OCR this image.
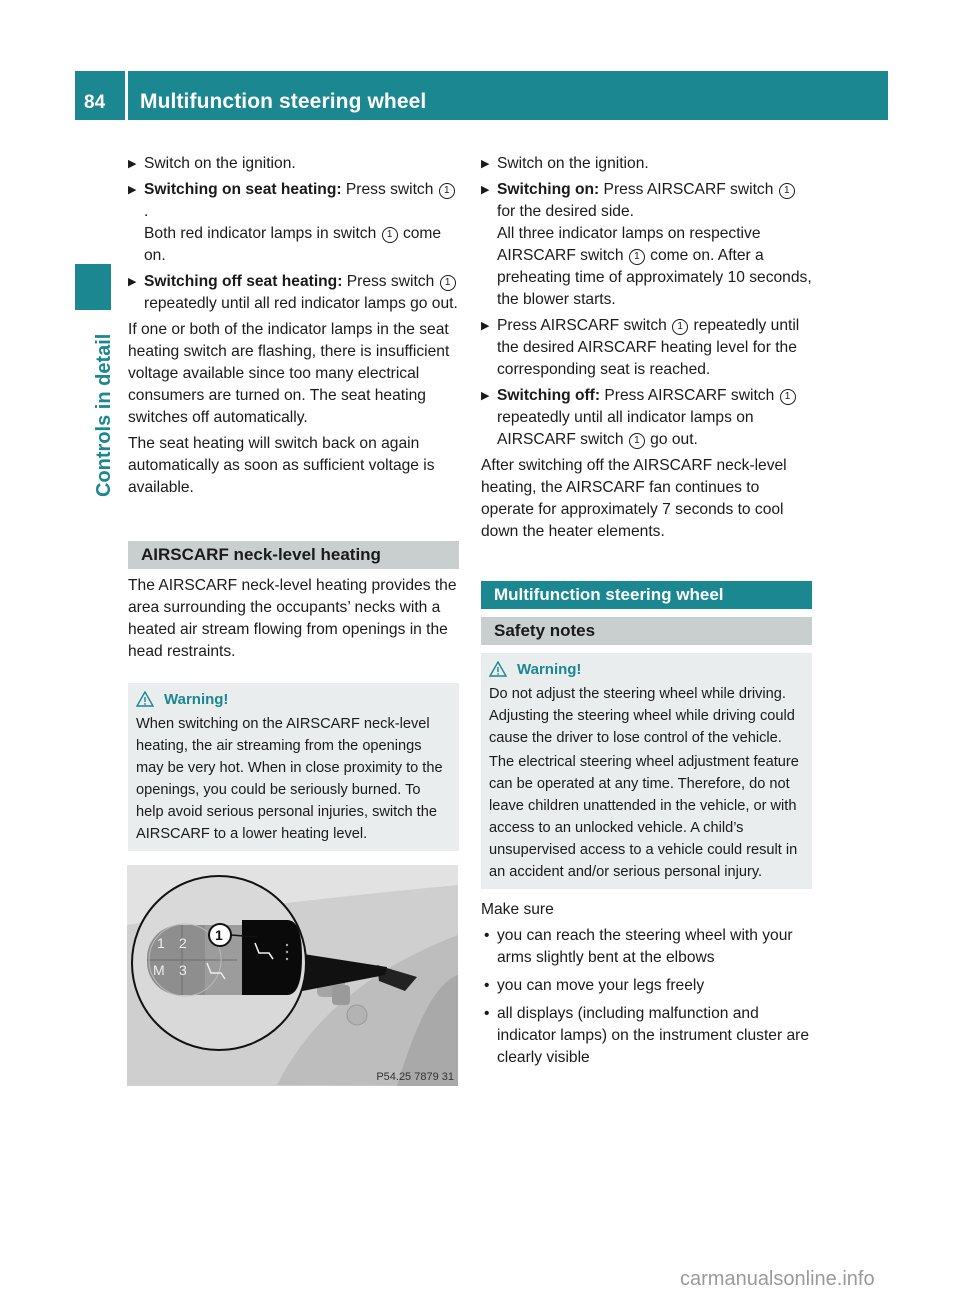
84 Multifunction steering wheel
Controls in detail
▶ Switch on the ignition.
▶ Switching on seat heating: Press switch 1.
Both red indicator lamps in switch 1 come on.
▶ Switching off seat heating: Press switch 1 repeatedly until all red indicator lamps go out.

If one or both of the indicator lamps in the seat heating switch are flashing, there is insufficient voltage available since too many electrical consumers are turned on. The seat heating switches off automatically.

The seat heating will switch back on again automatically as soon as sufficient voltage is available.

AIRSCARF neck-level heating

The AIRSCARF neck-level heating provides the area surrounding the occupants’ necks with a heated air stream flowing from openings in the head restraints.

Warning!

When switching on the AIRSCARF neck-level heating, the air streaming from the openings may be very hot. When in close proximity to the openings, you could be seriously burned. To help avoid serious personal injuries, switch the AIRSCARF to a lower heating level.

1 2
M 3
1
P54.25 7879 31
▶ Switch on the ignition.
▶ Switching on: Press AIRSCARF switch 1 for the desired side.
All three indicator lamps on respective AIRSCARF switch 1 come on. After a preheating time of approximately 10 seconds, the blower starts.
▶ Press AIRSCARF switch 1 repeatedly until the desired AIRSCARF heating level for the corresponding seat is reached.
▶ Switching off: Press AIRSCARF switch 1 repeatedly until all indicator lamps on AIRSCARF switch 1 go out.

After switching off the AIRSCARF neck-level heating, the AIRSCARF fan continues to operate for approximately 7 seconds to cool down the heater elements.

Multifunction steering wheel
Safety notes
Warning!

Do not adjust the steering wheel while driving. Adjusting the steering wheel while driving could cause the driver to lose control of the vehicle.

The electrical steering wheel adjustment feature can be operated at any time. Therefore, do not leave children unattended in the vehicle, or with access to an unlocked vehicle. A child’s unsupervised access to a vehicle could result in an accident and/or serious personal injury.

Make sure

• you can reach the steering wheel with your arms slightly bent at the elbows
• you can move your legs freely
• all displays (including malfunction and indicator lamps) on the instrument cluster are clearly visible
carmanualsonline.info
